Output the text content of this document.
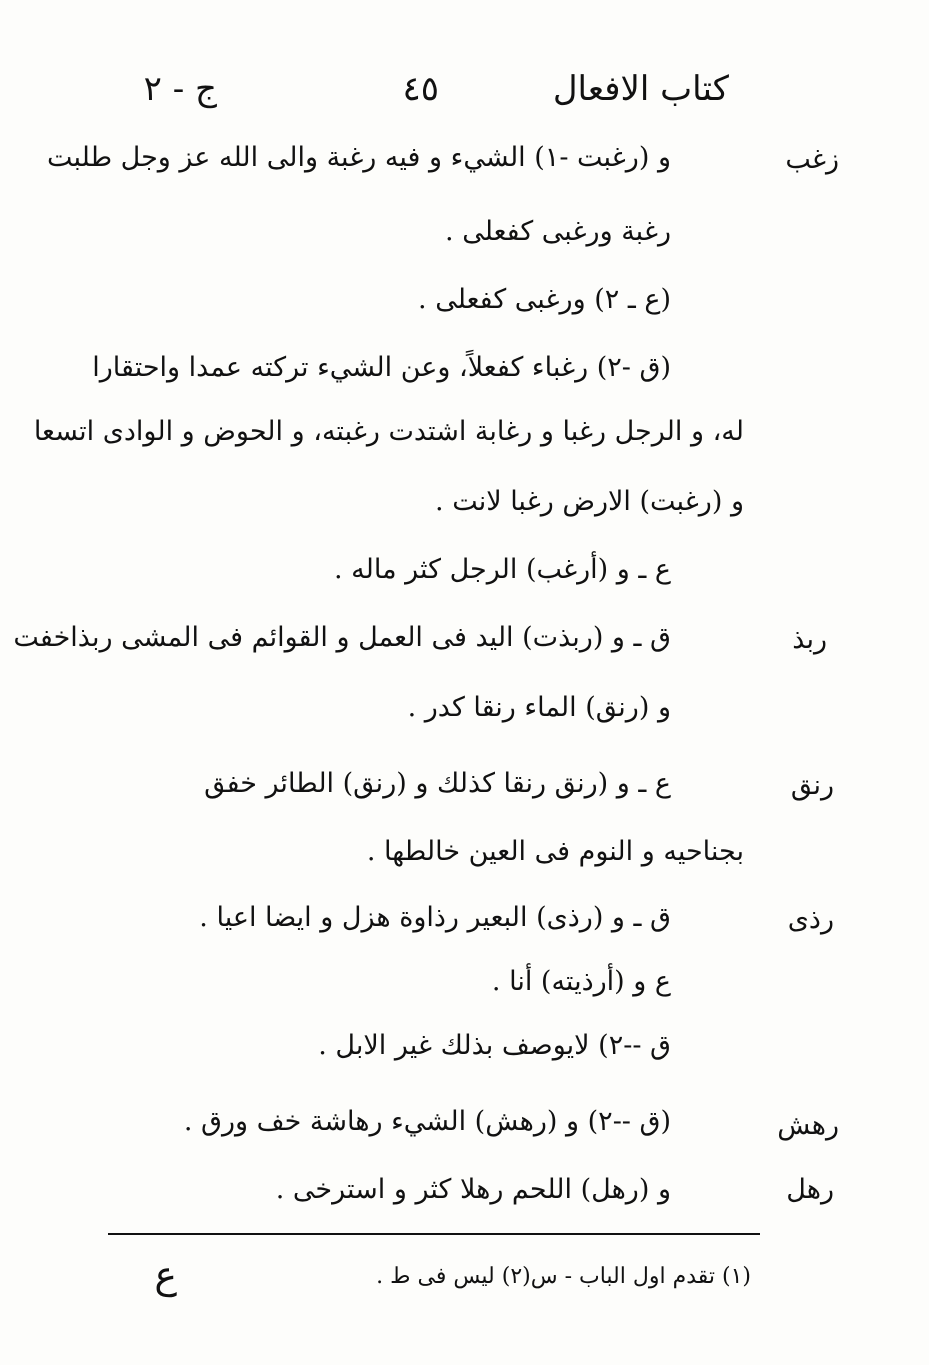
كتاب الافعال
٤٥
ج - ٢
زغب
ربذ
رنق
رذى
رهش
رهل
و (رغبت -١) الشيء و فيه رغبة والى الله عز وجل طلبت
رغبة ورغبى كفعلى .
(ع ـ ٢) ورغبى كفعلى .
(ق -٢) رغباء كفعلاً، وعن الشيء تركته عمدا واحتقارا
له، و الرجل رغبا و رغابة اشتدت رغبته، و الحوض و الوادى اتسعا
و (رغبت) الارض رغبا لانت .
ع ـ و (أرغب) الرجل كثر ماله .
ق ـ و (ربذت) اليد فى العمل و القوائم فى المشى ربذاخفت
و (رنق) الماء رنقا كدر .
ع ـ و (رنق رنقا كذلك و (رنق) الطائر خفق
بجناحيه و النوم فى العين خالطها .
ق ـ و (رذى) البعير رذاوة هزل و ايضا اعيا .
ع و (أرذيته) أنا .
ق --٢) لايوصف بذلك غير الابل .
(ق --٢) و (رهش) الشيء رهاشة خف ورق .
و (رهل) اللحم رهلا كثر و استرخى .
(١) تقدم اول الباب - س(٢) ليس فى ط .
ع
